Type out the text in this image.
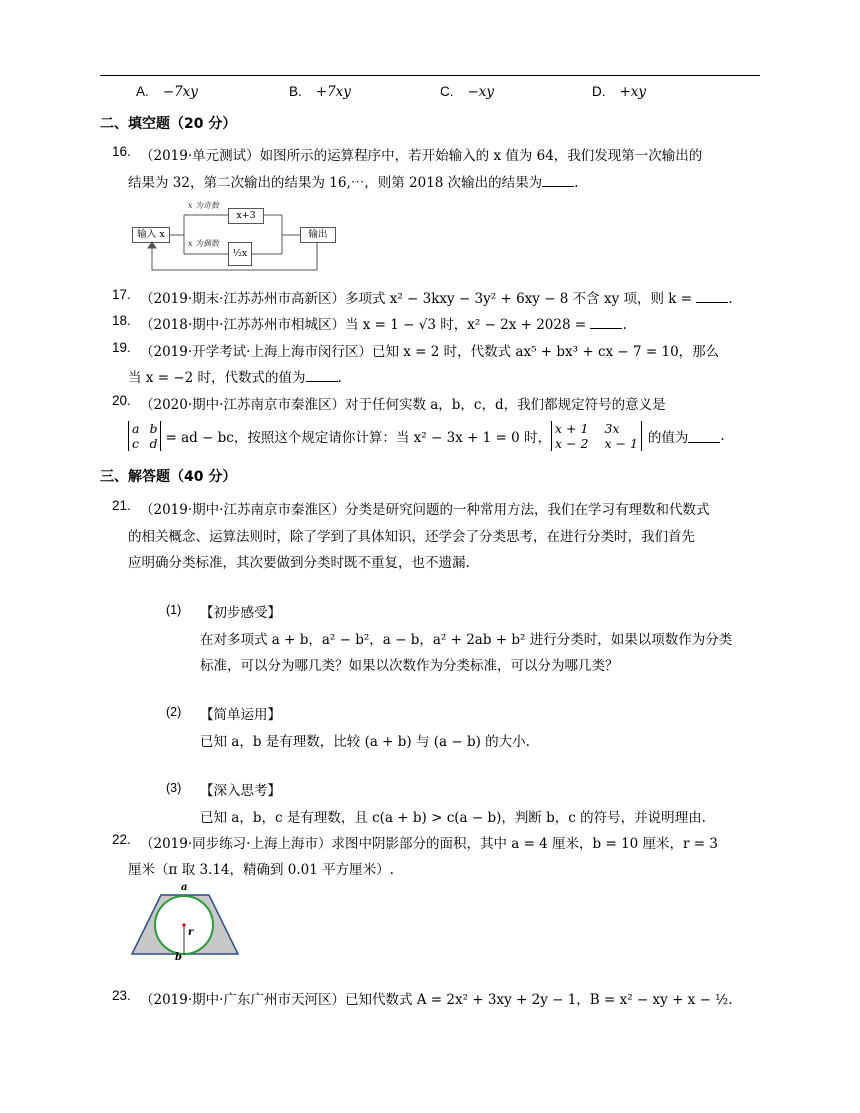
A. −7xy	B. +7xy	C. −xy	D. +xy
二、填空题（20 分）
16. （2019·单元测试）如图所示的运算程序中，若开始输入的 x 值为 64，我们发现第一次输出的
结果为 32，第二次输出的结果为 16,⋯，则第 2018 次输出的结果为 .
输入 x	输出
x+3
½x
x 为奇数
x 为偶数
17. （2019·期末·江苏苏州市高新区）多项式 x² − 3kxy − 3y² + 6xy − 8 不含 xy 项，则 k = .
18. （2018·期中·江苏苏州市相城区）当 x = 1 − √3 时，x² − 2x + 2028 = .
19. （2019·开学考试·上海上海市闵行区）已知 x = 2 时，代数式 ax⁵ + bx³ + cx − 7 = 10，那么
当 x = −2 时，代数式的值为 .
20. （2020·期中·江苏南京市秦淮区）对于任何实数 a，b，c，d，我们都规定符号的意义是
a b
c d = ad − bc，按照这个规定请你计算：当 x² − 3x + 1 = 0 时，
x + 1 3x
x − 2 x − 1 的值为 .
三、解答题（40 分）
21. （2019·期中·江苏南京市秦淮区）分类是研究问题的一种常用方法，我们在学习有理数和代数式
的相关概念、运算法则时，除了学到了具体知识，还学会了分类思考，在进行分类时，我们首先
应明确分类标准，其次要做到分类时既不重复，也不遗漏.
(1) 【初步感受】
在对多项式 a + b，a² − b²，a − b，a² + 2ab + b² 进行分类时，如果以项数作为分类
标准，可以分为哪几类？如果以次数作为分类标准，可以分为哪几类？
(2) 【简单运用】
已知 a，b 是有理数，比较 (a + b) 与 (a − b) 的大小.
(3) 【深入思考】
已知 a，b，c 是有理数，且 c(a + b) > c(a − b)，判断 b，c 的符号，并说明理由.
22. （2019·同步练习·上海上海市）求图中阴影部分的面积，其中 a = 4 厘米，b = 10 厘米，r = 3
厘米（π 取 3.14，精确到 0.01 平方厘米）.
a
r
b
23. （2019·期中·广东广州市天河区）已知代数式 A = 2x² + 3xy + 2y − 1，B = x² − xy + x − ½.
